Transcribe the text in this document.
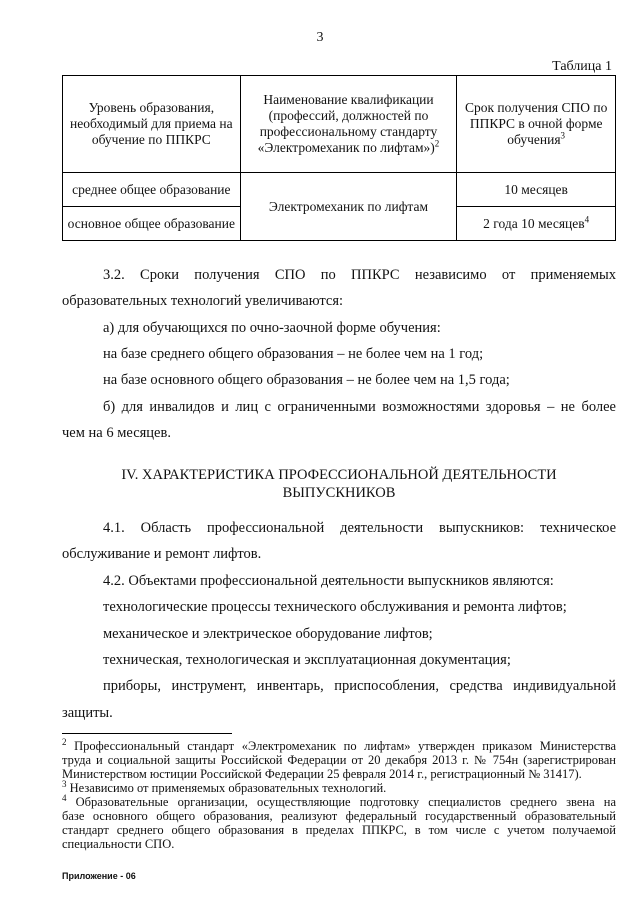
3
Таблица 1
Уровень образования, необходимый для приема на обучение по ППКРС	Наименование квалификации (профессий, должностей по профессиональному стандарту «Электромеханик по лифтам»)$^2$	Срок получения СПО по ППКРС в очной форме обучения$^3$
среднее общее образование	Электромеханик по лифтам	10 месяцев
основное общее образование		2 года 10 месяцев$^4$
3.2. Сроки получения СПО по ППКРС независимо от применяемых
образовательных технологий увеличиваются:
а) для обучающихся по очно-заочной форме обучения:
на базе среднего общего образования – не более чем на 1 год;
на базе основного общего образования – не более чем на 1,5 года;
б) для инвалидов и лиц с ограниченными возможностями здоровья – не более
чем на 6 месяцев.
IV. ХАРАКТЕРИСТИКА ПРОФЕССИОНАЛЬНОЙ ДЕЯТЕЛЬНОСТИ
ВЫПУСКНИКОВ
4.1. Область профессиональной деятельности выпускников: техническое
обслуживание и ремонт лифтов.
4.2. Объектами профессиональной деятельности выпускников являются:
технологические процессы технического обслуживания и ремонта лифтов;
механическое и электрическое оборудование лифтов;
техническая, технологическая и эксплуатационная документация;
приборы, инструмент, инвентарь, приспособления, средства индивидуальной
защиты.
$^2$ Профессиональный стандарт «Электромеханик по лифтам» утвержден приказом Министерства
труда и социальной защиты Российской Федерации от 20 декабря 2013 г. № 754н (зарегистрирован
Министерством юстиции Российской Федерации 25 февраля 2014 г., регистрационный № 31417).
$^3$ Независимо от применяемых образовательных технологий.
$^4$ Образовательные организации, осуществляющие подготовку специалистов среднего звена на
базе основного общего образования, реализуют федеральный государственный образовательный
стандарт среднего общего образования в пределах ППКРС, в том числе с учетом получаемой
специальности СПО.
Приложение - 06
